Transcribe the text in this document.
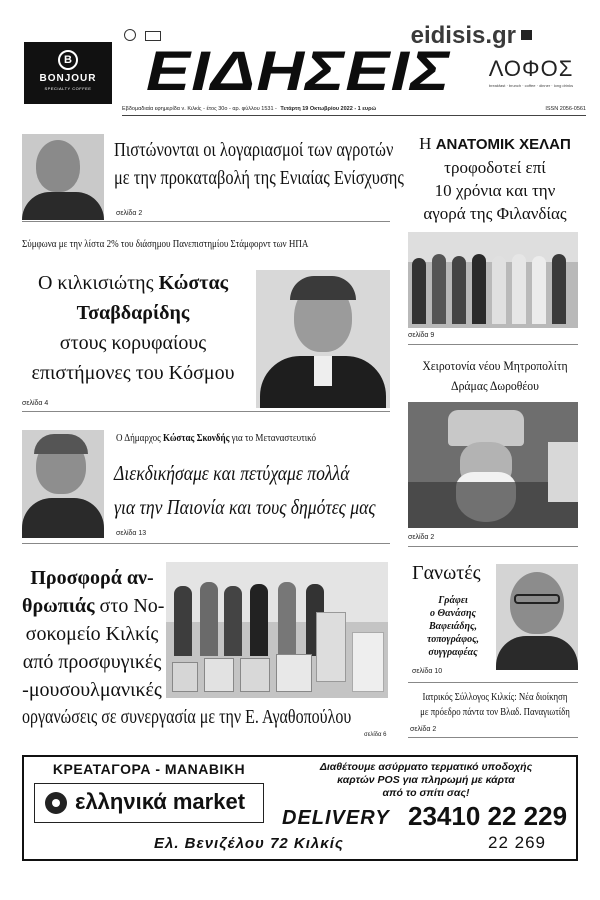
B
BONJOUR
SPECIALTY COFFEE
ΕΙΔΗΣΕΙΣ
eidisis.gr
ΛΟΦΟΣ
breakfast · brunch · coffee · dinner · long drinks
Εβδομαδιαία εφημερίδα ν. Κιλκίς - έτος 30ο - αρ. φύλλου 1531 - Τετάρτη 19 Οκτωβρίου 2022 - 1 ευρώ	ISSN 2056-0561
Πιστώνονται οι λογαριασμοί των αγροτών
με την προκαταβολή της Ενιαίας Ενίσχυσης
σελίδα 2
Σύμφωνα με την λίστα 2% του διάσημου Πανεπιστημίου Στάμφορντ των ΗΠΑ
Ο κιλκισιώτης Κώστας
Τσαβδαρίδης
στους κορυφαίους
επιστήμονες του Κόσμου
σελίδα 4
Ο Δήμαρχος Κώστας Σκονδής για το Μεταναστευτικό
Διεκδικήσαμε και πετύχαμε πολλά
για την Παιονία και τους δημότες μας
σελίδα 13
Προσφορά αν-
θρωπιάς στο Νο-
σοκομείο Κιλκίς
από προσφυγικές
-μουσουλμανικές
οργανώσεις σε συνεργασία με την Ε. Αγαθοπούλου
σελίδα 6
Η ΑΝΑΤΟΜΙΚ ΧΕΛΑΠ
τροφοδοτεί επί
10 χρόνια και την
αγορά της Φιλανδίας
σελίδα 9
Χειροτονία νέου Μητροπολίτη
Δράμας Δωροθέου
σελίδα 2
Γανωτές
Γράφει
ο Θανάσης
Βαφειάδης,
τοπογράφος,
συγγραφέας
σελίδα 10
Ιατρικός Σύλλογος Κιλκίς: Νέα διοίκηση
με πρόεδρο πάντα τον Βλαδ. Παναγιωτίδη
σελίδα 2
ΚΡΕΑΤΑΓΟΡΑ - ΜΑΝΑΒΙΚΗ
ελληνικά market
Διαθέτουμε ασύρματο τερματικό υποδοχής
καρτών POS για πληρωμή με κάρτα
από το σπίτι σας!
DELIVERY 23410 22 229
22 269
Ελ. Βενιζέλου 72 Κιλκίς
